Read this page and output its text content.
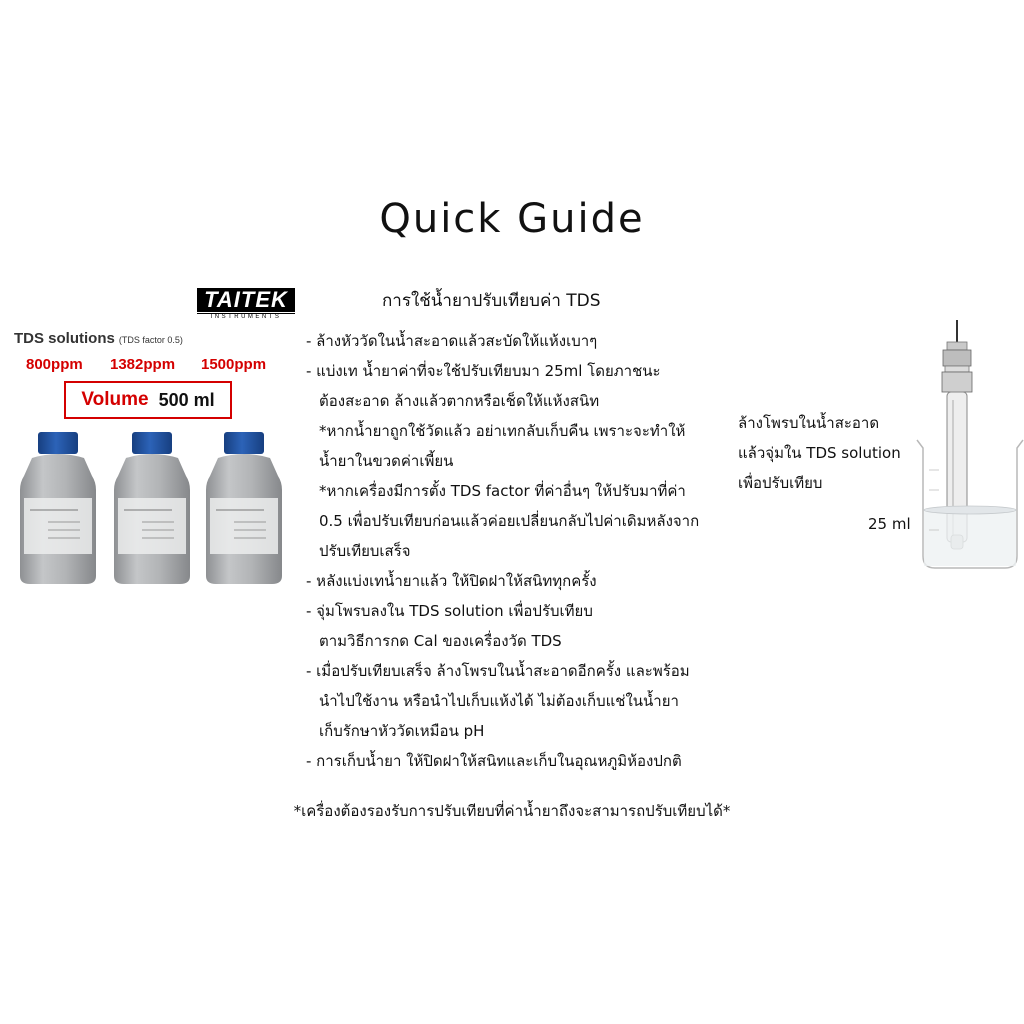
Quick Guide
การใช้น้ำยาปรับเทียบค่า TDS
TAITEK
INSTRUMENTS
TDS solutions (TDS factor 0.5)
800ppm 1382ppm 1500ppm
Volume 500 ml
- ล้างหัววัดในน้ำสะอาดแล้วสะบัดให้แห้งเบาๆ
- แบ่งเท น้ำยาค่าที่จะใช้ปรับเทียบมา 25ml โดยภาชนะ
ต้องสะอาด ล้างแล้วตากหรือเช็ดให้แห้งสนิท
*หากน้ำยาถูกใช้วัดแล้ว อย่าเทกลับเก็บคืน เพราะจะทำให้
น้ำยาในขวดค่าเพี้ยน
*หากเครื่องมีการตั้ง TDS factor ที่ค่าอื่นๆ ให้ปรับมาที่ค่า
0.5 เพื่อปรับเทียบก่อนแล้วค่อยเปลี่ยนกลับไปค่าเดิมหลังจาก
ปรับเทียบเสร็จ
- หลังแบ่งเทน้ำยาแล้ว ให้ปิดฝาให้สนิททุกครั้ง
- จุ่มโพรบลงใน TDS solution เพื่อปรับเทียบ
ตามวิธีการกด Cal ของเครื่องวัด TDS
- เมื่อปรับเทียบเสร็จ ล้างโพรบในน้ำสะอาดอีกครั้ง และพร้อม
นำไปใช้งาน หรือนำไปเก็บแห้งได้ ไม่ต้องเก็บแช่ในน้ำยา
เก็บรักษาหัววัดเหมือน pH
- การเก็บน้ำยา ให้ปิดฝาให้สนิทและเก็บในอุณหภูมิห้องปกติ
*เครื่องต้องรองรับการปรับเทียบที่ค่าน้ำยาถึงจะสามารถปรับเทียบได้*
ล้างโพรบในน้ำสะอาด
แล้วจุ่มใน TDS solution
เพื่อปรับเทียบ
25 ml
